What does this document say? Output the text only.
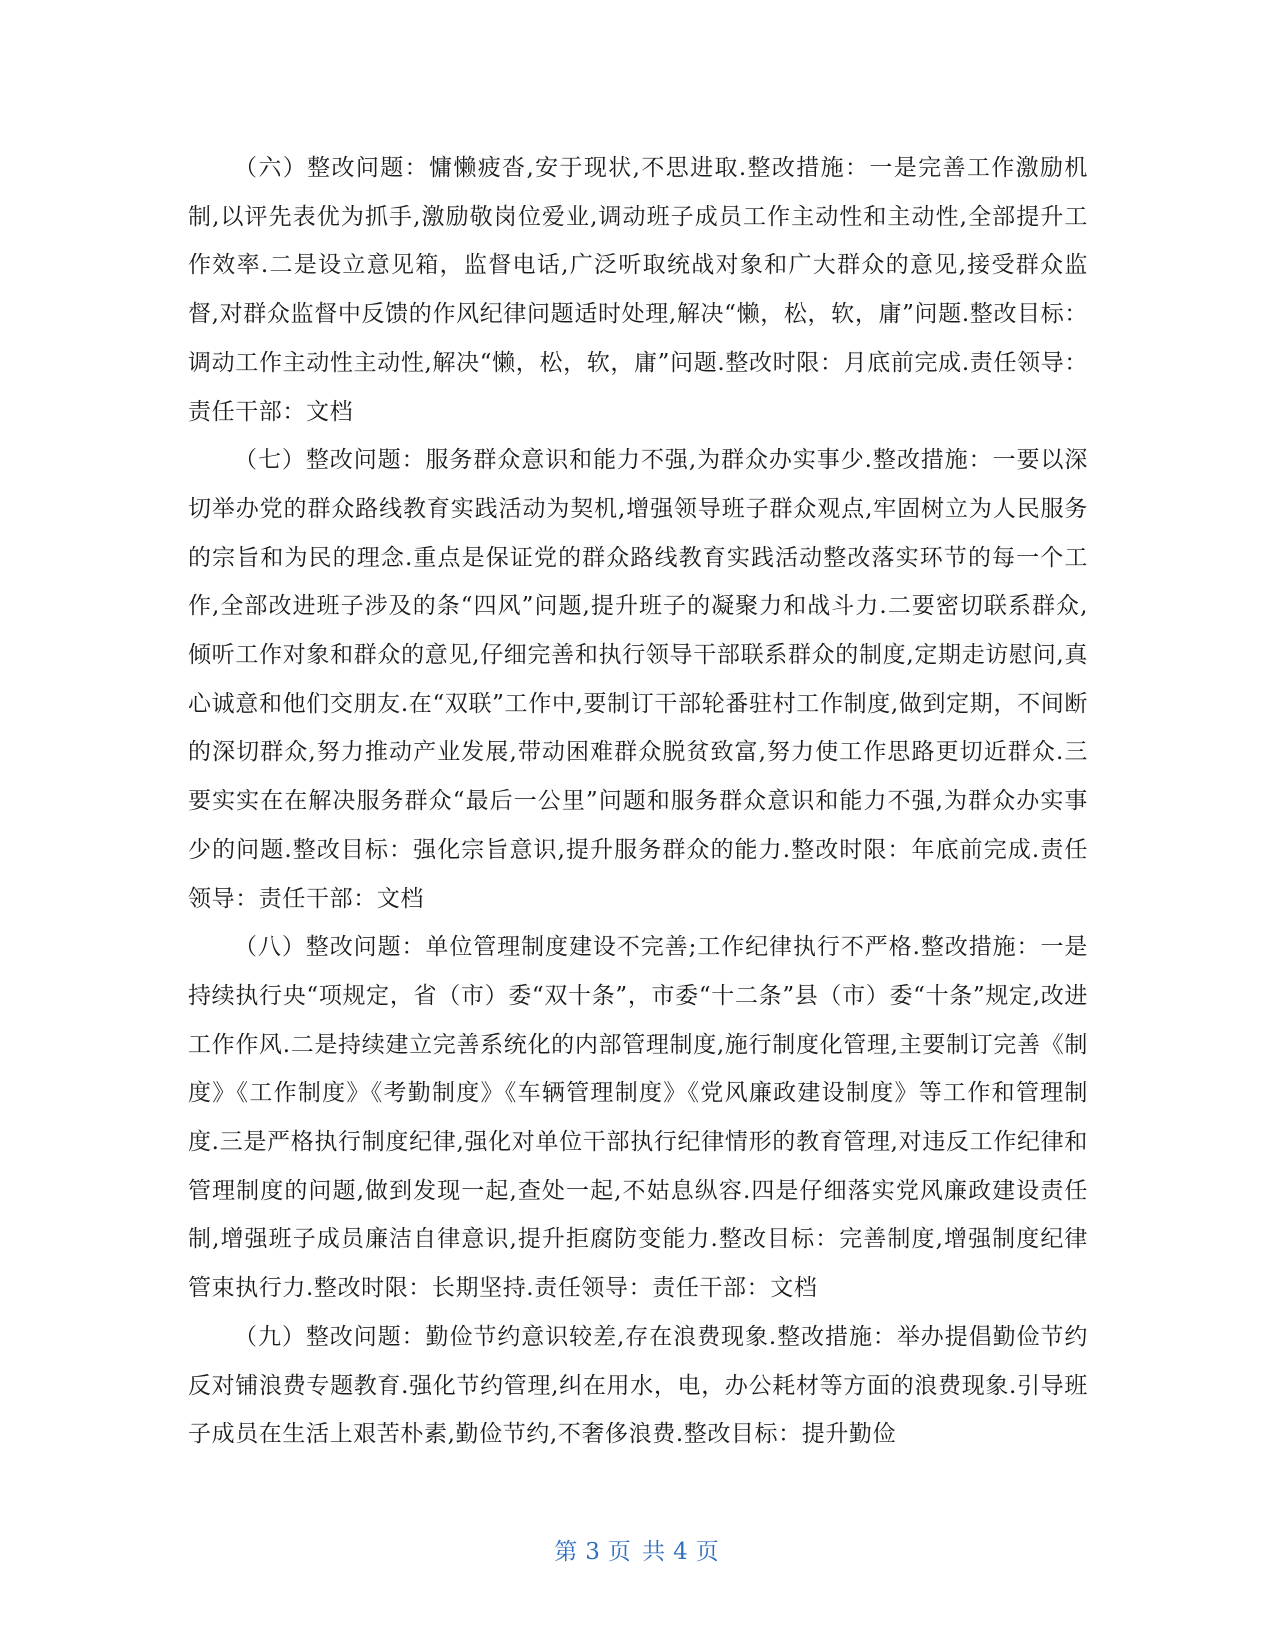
（六）整改问题：慵懒疲沓,安于现状,不思进取.整改措施：一是完善工作激励机制,以评先表优为抓手,激励敬岗位爱业,调动班子成员工作主动性和主动性,全部提升工作效率.二是设立意见箱，监督电话,广泛听取统战对象和广大群众的意见,接受群众监督,对群众监督中反馈的作风纪律问题适时处理,解决“懒，松，软，庸”问题.整改目标：调动工作主动性主动性,解决“懒，松，软，庸”问题.整改时限：月底前完成.责任领导：责任干部：文档

（七）整改问题：服务群众意识和能力不强,为群众办实事少.整改措施：一要以深切举办党的群众路线教育实践活动为契机,增强领导班子群众观点,牢固树立为人民服务的宗旨和为民的理念.重点是保证党的群众路线教育实践活动整改落实环节的每一个工作,全部改进班子涉及的条“四风”问题,提升班子的凝聚力和战斗力.二要密切联系群众,倾听工作对象和群众的意见,仔细完善和执行领导干部联系群众的制度,定期走访慰问,真心诚意和他们交朋友.在“双联”工作中,要制订干部轮番驻村工作制度,做到定期，不间断的深切群众,努力推动产业发展,带动困难群众脱贫致富,努力使工作思路更切近群众.三要实实在在解决服务群众“最后一公里”问题和服务群众意识和能力不强,为群众办实事少的问题.整改目标：强化宗旨意识,提升服务群众的能力.整改时限：年底前完成.责任领导：责任干部：文档

（八）整改问题：单位管理制度建设不完善;工作纪律执行不严格.整改措施：一是持续执行央“项规定，省（市）委“双十条”，市委“十二条”县（市）委“十条”规定,改进工作作风.二是持续建立完善系统化的内部管理制度,施行制度化管理,主要制订完善《制度》《工作制度》《考勤制度》《车辆管理制度》《党风廉政建设制度》等工作和管理制度.三是严格执行制度纪律,强化对单位干部执行纪律情形的教育管理,对违反工作纪律和管理制度的问题,做到发现一起,查处一起,不姑息纵容.四是仔细落实党风廉政建设责任制,增强班子成员廉洁自律意识,提升拒腐防变能力.整改目标：完善制度,增强制度纪律管束执行力.整改时限：长期坚持.责任领导：责任干部：文档

（九）整改问题：勤俭节约意识较差,存在浪费现象.整改措施：举办提倡勤俭节约反对铺浪费专题教育.强化节约管理,纠在用水，电，办公耗材等方面的浪费现象.引导班子成员在生活上艰苦朴素,勤俭节约,不奢侈浪费.整改目标：提升勤俭

第 3 页 共 4 页
